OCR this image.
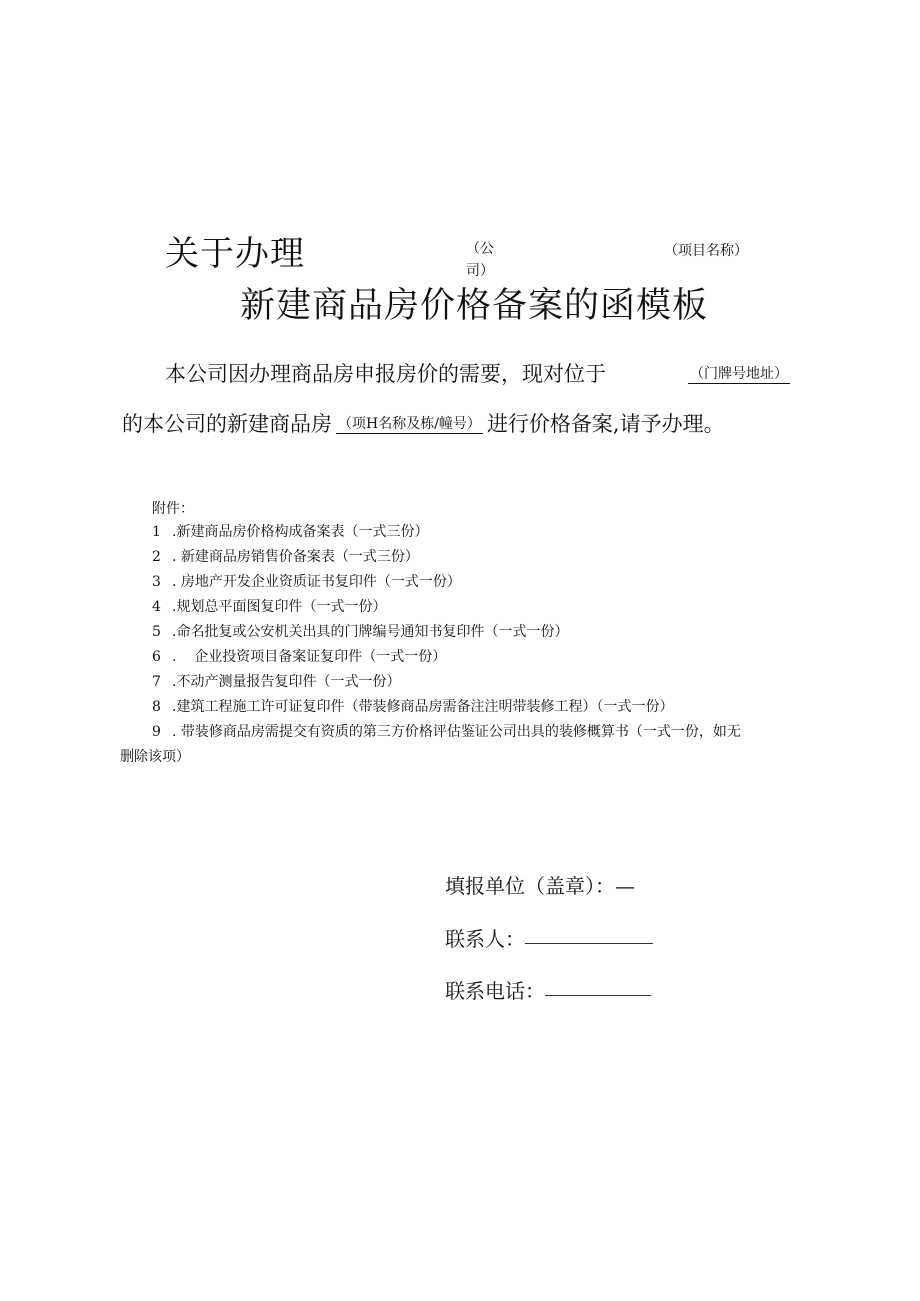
关于办理	（公司）
（项目名称）
新建商品房价格备案的函模板
本公司因办理商品房申报房价的需要，现对位于	（门牌号地址）
的本公司的新建商品房 （项H名称及栋/幢号） 进行价格备案,请予办理。
附件：
1 .新建商品房价格构成备案表（一式三份）
2 . 新建商品房销售价备案表（一式三份）
3 . 房地产开发企业资质证书复印件（一式一份）
4 .规划总平面图复印件（一式一份）
5 .命名批复或公安机关出具的门牌编号通知书复印件（一式一份）
6 .    企业投资项目备案证复印件（一式一份）
7 .不动产测量报告复印件（一式一份）
8 .建筑工程施工许可证复印件（带装修商品房需备注注明带装修工程）（一式一份）
9 . 带装修商品房需提交有资质的第三方价格评估鉴证公司出具的装修概算书（一式一份，如无
删除该项）
填报单位（盖章）：—
联系人：
联系电话：
